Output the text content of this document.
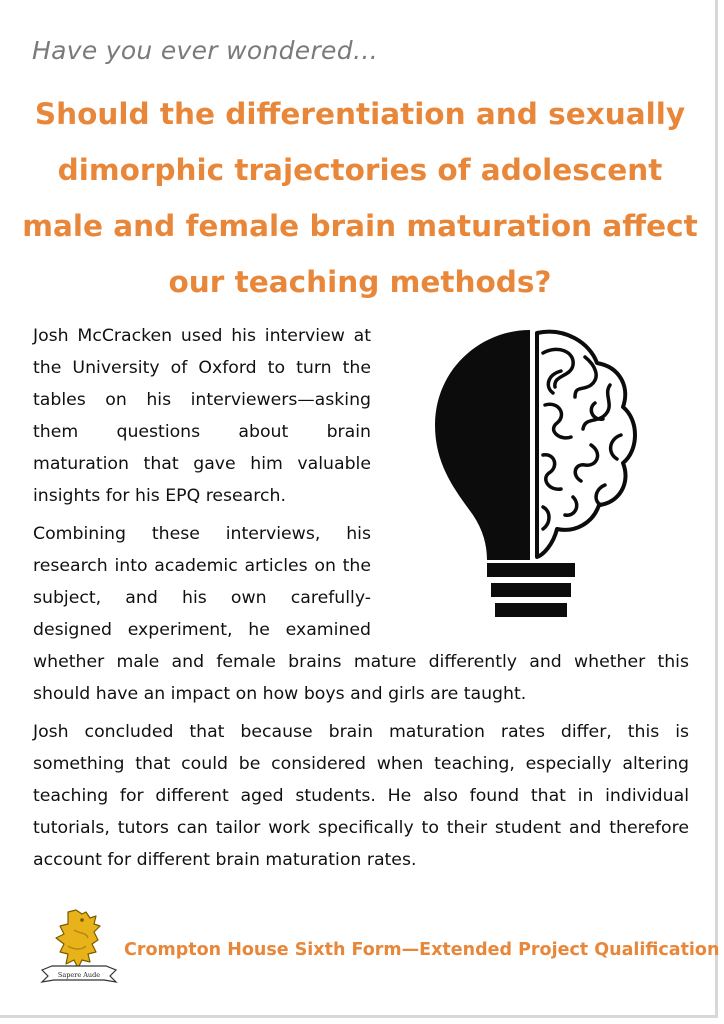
Have you ever wondered…
Should the differentiation and sexually dimorphic trajectories of adolescent male and female brain maturation affect our teaching methods?

Josh McCracken used his interview at the University of Oxford to turn the tables on his interviewers—asking them questions about brain maturation that gave him valuable insights for his EPQ research.

Combining these interviews, his research into academic articles on the subject, and his own carefully-designed experiment, he examined whether male and female brains mature differently and whether this should have an impact on how boys and girls are taught.

Josh concluded that because brain maturation rates differ, this is something that could be considered when teaching, especially altering teaching for different aged students. He also found that in individual tutorials, tutors can tailor work specifically to their student and therefore account for different brain maturation rates.

Sapere Aude
Crompton House Sixth Form—Extended Project Qualification
